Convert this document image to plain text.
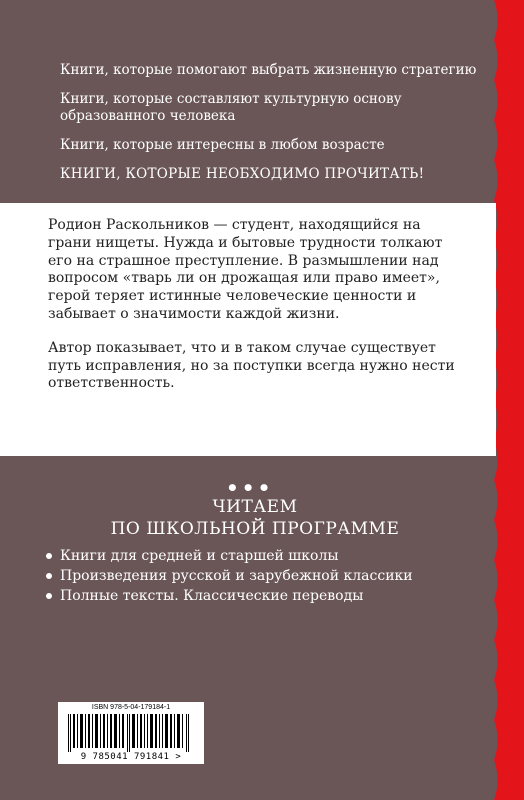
Книги, которые помогают выбрать жизненную стратегию

Книги, которые составляют культурную основу образованного человека

Книги, которые интересны в любом возрасте

КНИГИ, КОТОРЫЕ НЕОБХОДИМО ПРОЧИТАТЬ!

Родион Раскольников — студент, находящийся на грани нищеты. Нужда и бытовые трудности толкают его на страшное преступление. В размышлении над вопросом «тварь ли он дрожащая или право имеет», герой теряет истинные человеческие ценности и забывает о значимости каждой жизни.

Автор показывает, что и в таком случае существует путь исправления, но за поступки всегда нужно нести ответственность.

•••
ЧИТАЕМ
ПО ШКОЛЬНОЙ ПРОГРАММЕ
Книги для средней и старшей школы
Произведения русской и зарубежной классики
Полные тексты. Классические переводы
ISBN 978-5-04-179184-1
9 785041 791841 >
